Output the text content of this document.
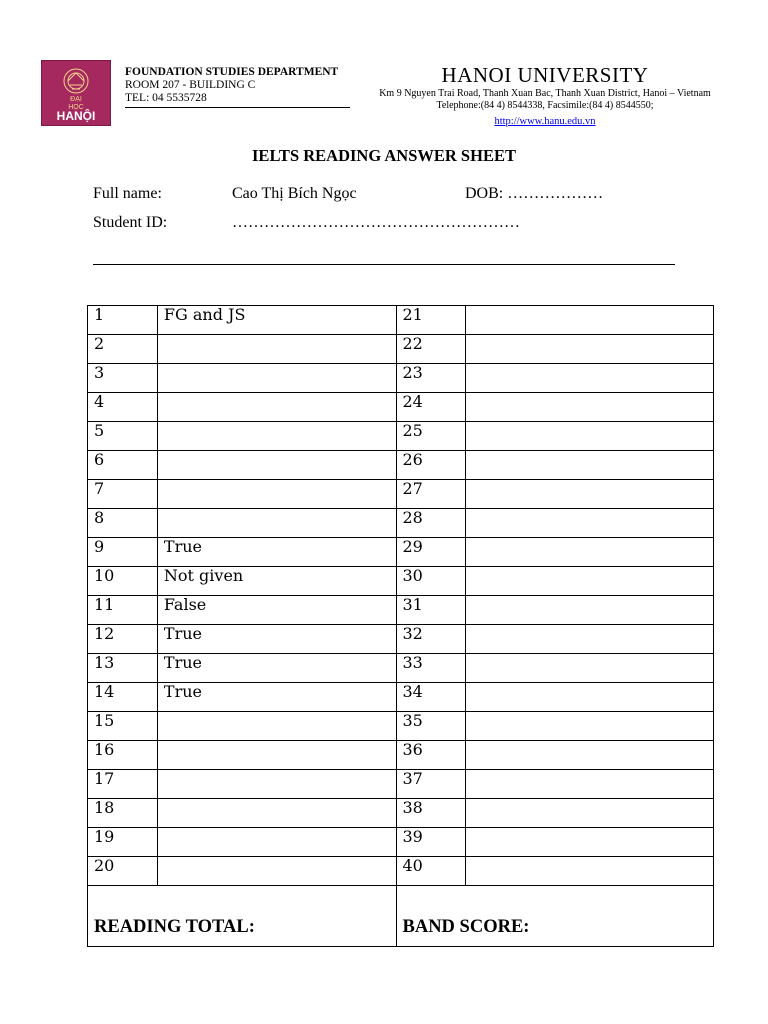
ĐẠI
HỌC
HANỘI
FOUNDATION STUDIES DEPARTMENT
ROOM 207 - BUILDING C
TEL: 04 5535728
HANOI UNIVERSITY
Km 9 Nguyen Trai Road, Thanh Xuan Bac, Thanh Xuan District, Hanoi – Vietnam
Telephone:(84 4) 8544338, Facsimile:(84 4) 8544550;
http://www.hanu.edu.vn
IELTS READING ANSWER SHEET
Full name:	Cao Thị Bích Ngọc	DOB: ………………
Student ID:	………………………………………………
1	FG and JS	21	
2		22	
3		23	
4		24	
5		25	
6		26	
7		27	
8		28	
9	True	29	
10	Not given	30	
11	False	31	
12	True	32	
13	True	33	
14	True	34	
15		35	
16		36	
17		37	
18		38	
19		39	
20		40	
READING TOTAL:		BAND SCORE:	
